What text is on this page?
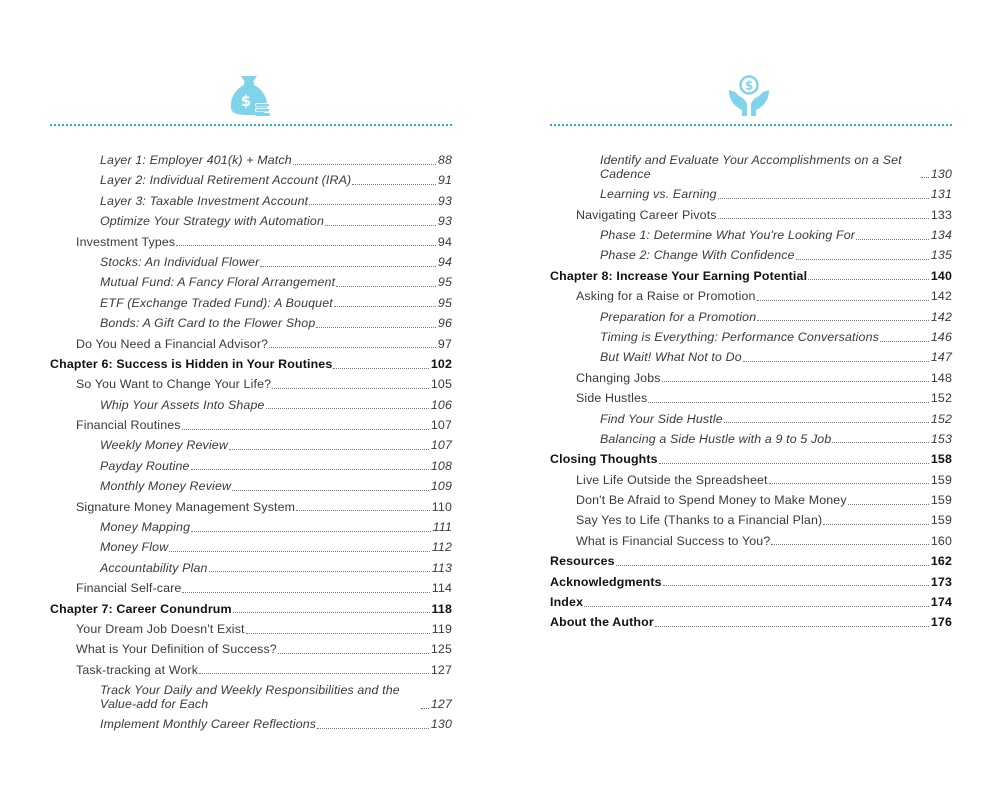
$
Layer 1: Employer 401(k) + Match	88
Layer 2: Individual Retirement Account (IRA)	91
Layer 3: Taxable Investment Account	93
Optimize Your Strategy with Automation	93
Investment Types	94
Stocks: An Individual Flower	94
Mutual Fund: A Fancy Floral Arrangement	95
ETF (Exchange Traded Fund): A Bouquet	95
Bonds: A Gift Card to the Flower Shop	96
Do You Need a Financial Advisor?	97
Chapter 6: Success is Hidden in Your Routines	102
So You Want to Change Your Life?	105
Whip Your Assets Into Shape	106
Financial Routines	107
Weekly Money Review	107
Payday Routine	108
Monthly Money Review	109
Signature Money Management System	110
Money Mapping	111
Money Flow	112
Accountability Plan	113
Financial Self-care	114
Chapter 7: Career Conundrum	118
Your Dream Job Doesn't Exist	119
What is Your Definition of Success?	125
Task-tracking at Work	127
Track Your Daily and Weekly Responsibilities and the Value-add for Each	127
Implement Monthly Career Reflections	130
$
Identify and Evaluate Your Accomplishments on a Set Cadence	130
Learning vs. Earning	131
Navigating Career Pivots	133
Phase 1: Determine What You're Looking For	134
Phase 2: Change With Confidence	135
Chapter 8: Increase Your Earning Potential	140
Asking for a Raise or Promotion	142
Preparation for a Promotion	142
Timing is Everything: Performance Conversations	146
But Wait! What Not to Do	147
Changing Jobs	148
Side Hustles	152
Find Your Side Hustle	152
Balancing a Side Hustle with a 9 to 5 Job	153
Closing Thoughts	158
Live Life Outside the Spreadsheet	159
Don't Be Afraid to Spend Money to Make Money	159
Say Yes to Life (Thanks to a Financial Plan)	159
What is Financial Success to You?	160
Resources	162
Acknowledgments	173
Index	174
About the Author	176
